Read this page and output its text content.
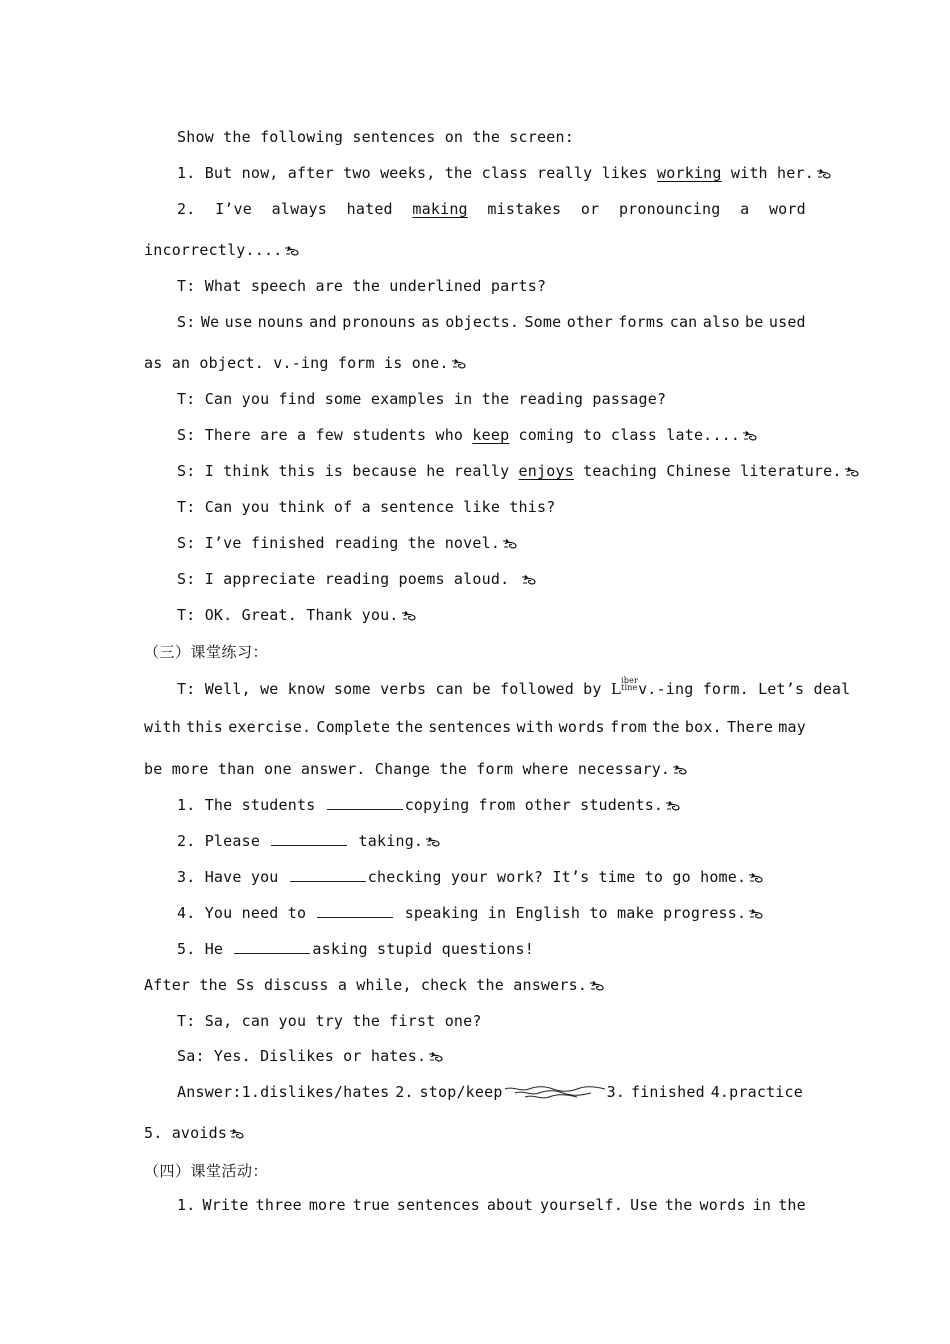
Show the following sentences on the screen:
1. But now, after two weeks, the class really likes working with her.
2. I’ve always hated making mistakes or pronouncing a word
incorrectly....
T: What speech are the underlined parts?
S: We use nouns and pronouns as objects. Some other forms can also be used
as an object. v.-ing form is one.
T: Can you find some examples in the reading passage?
S: There are a few students who keep coming to class late....
S: I think this is because he really enjoys teaching Chinese literature.
T: Can you think of a sentence like this?
S: I’ve finished reading the novel.
S: I appreciate reading poems aloud.
T: OK. Great. Thank you.
（三）课堂练习：
T: Well, we know some verbs can be followed by Liber
tinev.-ing form. Let’s deal
with this exercise. Complete the sentences with words from the box. There may
be more than one answer. Change the form where necessary.
1. The students	copying from other students.
2. Please	taking.
3. Have you	checking your work? It’s time to go home.
4. You need to	speaking in English to make progress.
5. He	asking stupid questions!
After the Ss discuss a while, check the answers.
T: Sa, can you try the first one?
Sa: Yes. Dislikes or hates.
Answer:1.dislikes/hates 2. stop/keep	3. finished 4.practice
5. avoids
（四）课堂活动：
1. Write three more true sentences about yourself. Use the words in the
